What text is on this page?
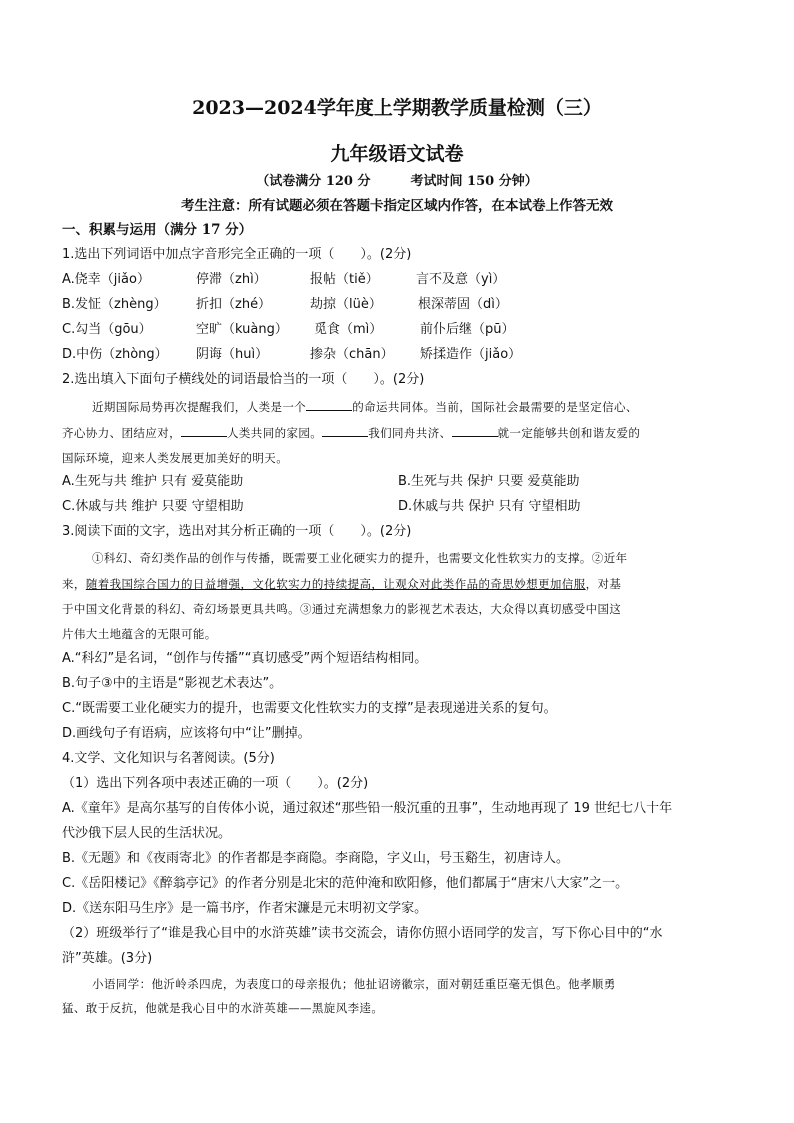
2023—2024学年度上学期教学质量检测（三）
九年级语文试卷
（试卷满分 120 分	考试时间 150 分钟）
考生注意：所有试题必须在答题卡指定区域内作答，在本试卷上作答无效
一、积累与运用（满分 17 分）
1.选出下列词语中加点字音形完全正确的一项（　　）。(2分)
A.侥幸（jiǎo）	停滞（zhì）	报帖（tiě）	言不及意（yì）
B.发怔（zhèng） 折扣（zhé）	劫掠（lüè）	根深蒂固（dì）
C.勾当（gōu）	空旷（kuàng） 觅食（mì）	前仆后继（pū）
D.中伤（zhòng） 阴诲（huì）	掺杂（chān） 矫揉造作（jiǎo）
2.选出填入下面句子横线处的词语最恰当的一项（　　）。(2分)
近期国际局势再次提醒我们，人类是一个	的命运共同体。当前，国际社会最需要的是坚定信心、
齐心协力、团结应对，	人类共同的家园。	我们同舟共济、	就一定能够共创和谐友爱的
国际环境，迎来人类发展更加美好的明天。
A.生死与共 维护 只有 爱莫能助	B.生死与共 保护 只要 爱莫能助
C.休戚与共 维护 只要 守望相助	D.休戚与共 保护 只有 守望相助
3.阅读下面的文字，选出对其分析正确的一项（　　）。(2分)
①科幻、奇幻类作品的创作与传播，既需要工业化硬实力的提升，也需要文化性软实力的支撑。②近年
来，随着我国综合国力的日益增强，文化软实力的持续提高，让观众对此类作品的奇思妙想更加信服，对基
于中国文化背景的科幻、奇幻场景更具共鸣。③通过充满想象力的影视艺术表达，大众得以真切感受中国这
片伟大土地蕴含的无限可能。
A.“科幻”是名词，“创作与传播”“真切感受”两个短语结构相同。
B.句子③中的主语是“影视艺术表达”。
C.“既需要工业化硬实力的提升，也需要文化性软实力的支撑”是表现递进关系的复句。
D.画线句子有语病，应该将句中“让”删掉。
4.文学、文化知识与名著阅读。(5分)
（1）选出下列各项中表述正确的一项（　　）。(2分)
A.《童年》是高尔基写的自传体小说，通过叙述“那些铅一般沉重的丑事”，生动地再现了 19 世纪七八十年
代沙俄下层人民的生活状况。
B.《无题》和《夜雨寄北》的作者都是李商隐。李商隐，字义山，号玉谿生，初唐诗人。
C.《岳阳楼记》《醉翁亭记》的作者分别是北宋的范仲淹和欧阳修，他们都属于“唐宋八大家”之一。
D.《送东阳马生序》是一篇书序，作者宋濂是元末明初文学家。
（2）班级举行了“谁是我心目中的水浒英雄”读书交流会，请你仿照小语同学的发言，写下你心目中的“水
浒”英雄。(3分)
小语同学：他沂岭杀四虎，为表度口的母亲报仇；他扯诏谤徽宗，面对朝廷重臣毫无惧色。他孝顺勇
猛、敢于反抗，他就是我心目中的水浒英雄——黑旋风李逵。
